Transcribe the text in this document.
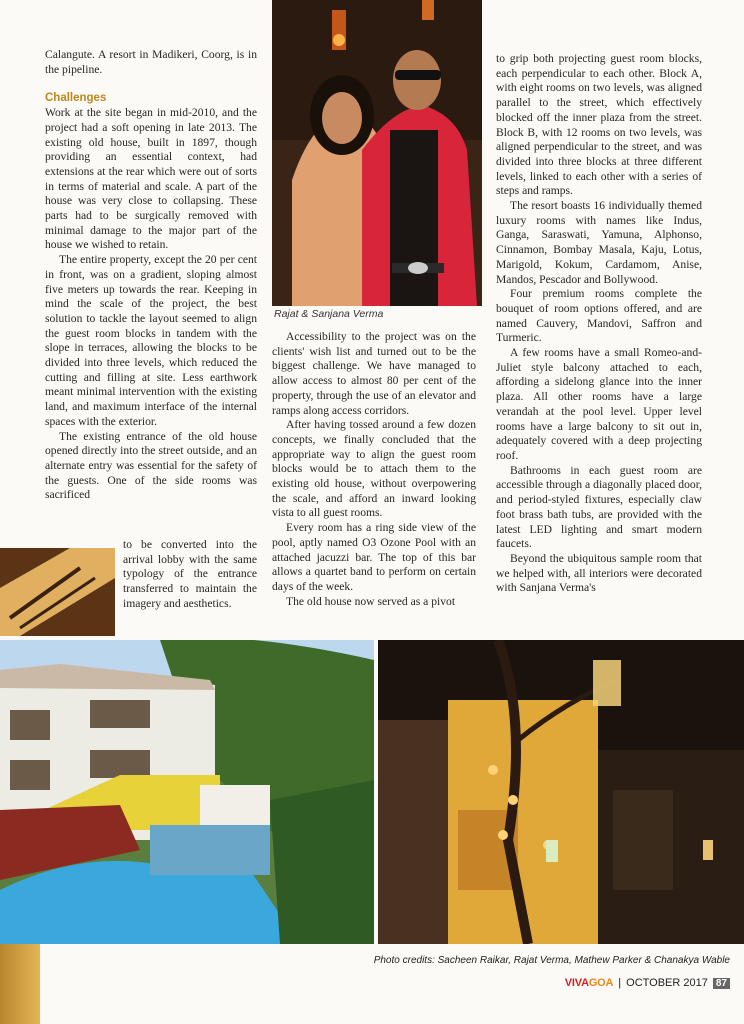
Rajat & Sanjana Verma

Calangute. A resort in Madikeri, Coorg, is in the pipeline.

Challenges

Work at the site began in mid-2010, and the project had a soft opening in late 2013. The existing old house, built in 1897, though providing an essential context, had extensions at the rear which were out of sorts in terms of material and scale. A part of the house was very close to collapsing. These parts had to be surgically removed with minimal damage to the major part of the house we wished to retain.

The entire property, except the 20 per cent in front, was on a gradient, sloping almost five meters up towards the rear. Keeping in mind the scale of the project, the best solution to tackle the layout seemed to align the guest room blocks in tandem with the slope in terraces, allowing the blocks to be divided into three levels, which reduced the cutting and filling at site. Less earthwork meant minimal intervention with the existing land, and maximum interface of the internal spaces with the exterior.

The existing entrance of the old house opened directly into the street outside, and an alternate entry was essential for the safety of the guests. One of the side rooms was sacrificed

to be converted into the arrival lobby with the same typology of the entrance transferred to maintain the imagery and aesthetics.

Accessibility to the project was on the clients' wish list and turned out to be the biggest challenge. We have managed to allow access to almost 80 per cent of the property, through the use of an elevator and ramps along access corridors.

After having tossed around a few dozen concepts, we finally concluded that the appropriate way to align the guest room blocks would be to attach them to the existing old house, without overpowering the scale, and afford an inward looking vista to all guest rooms.

Every room has a ring side view of the pool, aptly named O3 Ozone Pool with an attached jacuzzi bar. The top of this bar allows a quartet band to perform on certain days of the week.

The old house now served as a pivot

to grip both projecting guest room blocks, each perpendicular to each other. Block A, with eight rooms on two levels, was aligned parallel to the street, which effectively blocked off the inner plaza from the street. Block B, with 12 rooms on two levels, was aligned perpendicular to the street, and was divided into three blocks at three different levels, linked to each other with a series of steps and ramps.

The resort boasts 16 individually themed luxury rooms with names like Indus, Ganga, Saraswati, Yamuna, Alphonso, Cinnamon, Bombay Masala, Kaju, Lotus, Marigold, Kokum, Cardamom, Anise, Mandos, Pescador and Bollywood.

Four premium rooms complete the bouquet of room options offered, and are named Cauvery, Mandovi, Saffron and Turmeric.

A few rooms have a small Romeo-and-Juliet style balcony attached to each, affording a sidelong glance into the inner plaza. All other rooms have a large verandah at the pool level. Upper level rooms have a large balcony to sit out in, adequately covered with a deep projecting roof.

Bathrooms in each guest room are accessible through a diagonally placed door, and period-styled fixtures, especially claw foot brass bath tubs, are provided with the latest LED lighting and smart modern faucets.

Beyond the ubiquitous sample room that we helped with, all interiors were decorated with Sanjana Verma's

Photo credits: Sacheen Raikar, Rajat Verma, Mathew Parker & Chanakya Wable
VIVAGOA | OCTOBER 2017 87
